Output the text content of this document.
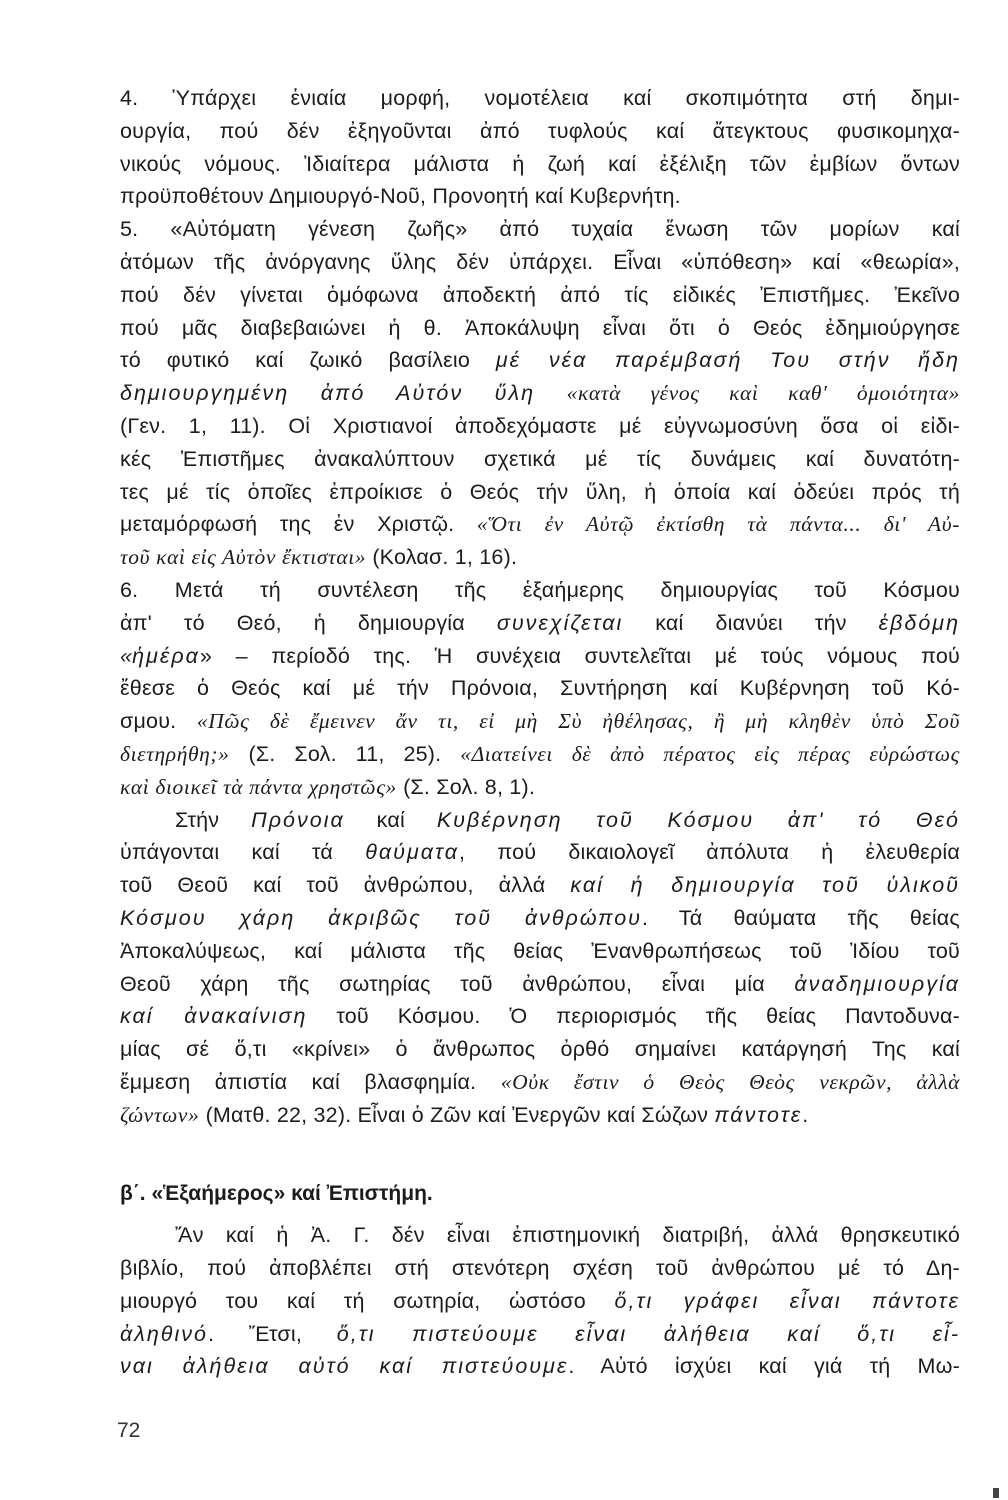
4. Ὑπάρχει ἑνιαία μορφή, νομοτέλεια καί σκοπιμότητα στή δημι-
ουργία, πού δέν ἐξηγοῦνται ἀπό τυφλούς καί ἄτεγκτους φυσικομηχα-
νικούς νόμους. Ἰδιαίτερα μάλιστα ἡ ζωή καί ἐξέλιξη τῶν ἐμβίων ὄντων
προϋποθέτουν Δημιουργό-Νοῦ, Προνοητή καί Κυβερνήτη.
5. «Αὐτόματη γένεση ζωῆς» ἀπό τυχαία ἕνωση τῶν μορίων καί
ἀτόμων τῆς ἀνόργανης ὕλης δέν ὑπάρχει. Εἶναι «ὑπόθεση» καί «θεωρία»,
πού δέν γίνεται ὁμόφωνα ἀποδεκτή ἀπό τίς εἰδικές Ἐπιστῆμες. Ἐκεῖνο
πού μᾶς διαβεβαιώνει ἡ θ. Ἀποκάλυψη εἶναι ὅτι ὁ Θεός ἐδημιούργησε
τό φυτικό καί ζωικό βασίλειο μέ νέα παρέμβασή Του στήν ἤδη
δημιουργημένη ἀπό Αὐτόν ὕλη «κατὰ γένος καὶ καθ' ὁμοιότητα»
(Γεν. 1, 11). Οἱ Χριστιανοί ἀποδεχόμαστε μέ εὐγνωμοσύνη ὅσα οἱ εἰδι-
κές Ἐπιστῆμες ἀνακαλύπτουν σχετικά μέ τίς δυνάμεις καί δυνατότη-
τες μέ τίς ὁποῖες ἐπροίκισε ὁ Θεός τήν ὕλη, ἡ ὁποία καί ὁδεύει πρός τή
μεταμόρφωσή της ἐν Χριστῷ. «Ὅτι ἐν Αὐτῷ ἐκτίσθη τὰ πάντα... δι' Αὐ-
τοῦ καὶ εἰς Αὐτὸν ἔκτισται» (Κολασ. 1, 16).
6. Μετά τή συντέλεση τῆς ἑξαήμερης δημιουργίας τοῦ Κόσμου
ἀπ' τό Θεό, ἡ δημιουργία συνεχίζεται καί διανύει τήν ἑβδόμη
«ἡμέρα» – περίοδό της. Ἡ συνέχεια συντελεῖται μέ τούς νόμους πού
ἔθεσε ὁ Θεός καί μέ τήν Πρόνοια, Συντήρηση καί Κυβέρνηση τοῦ Κό-
σμου. «Πῶς δὲ ἔμεινεν ἄν τι, εἰ μὴ Σὺ ἠθέλησας, ἢ μὴ κληθὲν ὑπὸ Σοῦ
διετηρήθη;» (Σ. Σολ. 11, 25). «Διατείνει δὲ ἀπὸ πέρατος εἰς πέρας εὐρώστως
καὶ διοικεῖ τὰ πάντα χρηστῶς» (Σ. Σολ. 8, 1).
Στήν Πρόνοια καί Κυβέρνηση τοῦ Κόσμου ἀπ' τό Θεό
ὑπάγονται καί τά θαύματα, πού δικαιολογεῖ ἀπόλυτα ἡ ἐλευθερία
τοῦ Θεοῦ καί τοῦ ἀνθρώπου, ἀλλά καί ἡ δημιουργία τοῦ ὑλικοῦ
Κόσμου χάρη ἀκριβῶς τοῦ ἀνθρώπου. Τά θαύματα τῆς θείας
Ἀποκαλύψεως, καί μάλιστα τῆς θείας Ἐνανθρωπήσεως τοῦ Ἰδίου τοῦ
Θεοῦ χάρη τῆς σωτηρίας τοῦ ἀνθρώπου, εἶναι μία ἀναδημιουργία
καί ἀνακαίνιση τοῦ Κόσμου. Ὁ περιορισμός τῆς θείας Παντοδυνα-
μίας σέ ὅ,τι «κρίνει» ὁ ἄνθρωπος ὀρθό σημαίνει κατάργησή Της καί
ἔμμεση ἀπιστία καί βλασφημία. «Οὐκ ἔστιν ὁ Θεὸς Θεὸς νεκρῶν, ἀλλὰ
ζώντων» (Ματθ. 22, 32). Εἶναι ὁ Ζῶν καί Ἐνεργῶν καί Σώζων πάντοτε.
Ἄν καί ἡ Ἀ. Γ. δέν εἶναι ἐπιστημονική διατριβή, ἀλλά θρησκευτικό
βιβλίο, πού ἀποβλέπει στή στενότερη σχέση τοῦ ἀνθρώπου μέ τό Δη-
μιουργό του καί τή σωτηρία, ὡστόσο ὅ,τι γράφει εἶναι πάντοτε
ἀληθινό. Ἔτσι, ὅ,τι πιστεύουμε εἶναι ἀλήθεια καί ὅ,τι εἶ-
ναι ἀλήθεια αὐτό καί πιστεύουμε. Αὐτό ἰσχύει καί γιά τή Μω-
β΄. «Ἑξαήμερος» καί Ἐπιστήμη.
72
